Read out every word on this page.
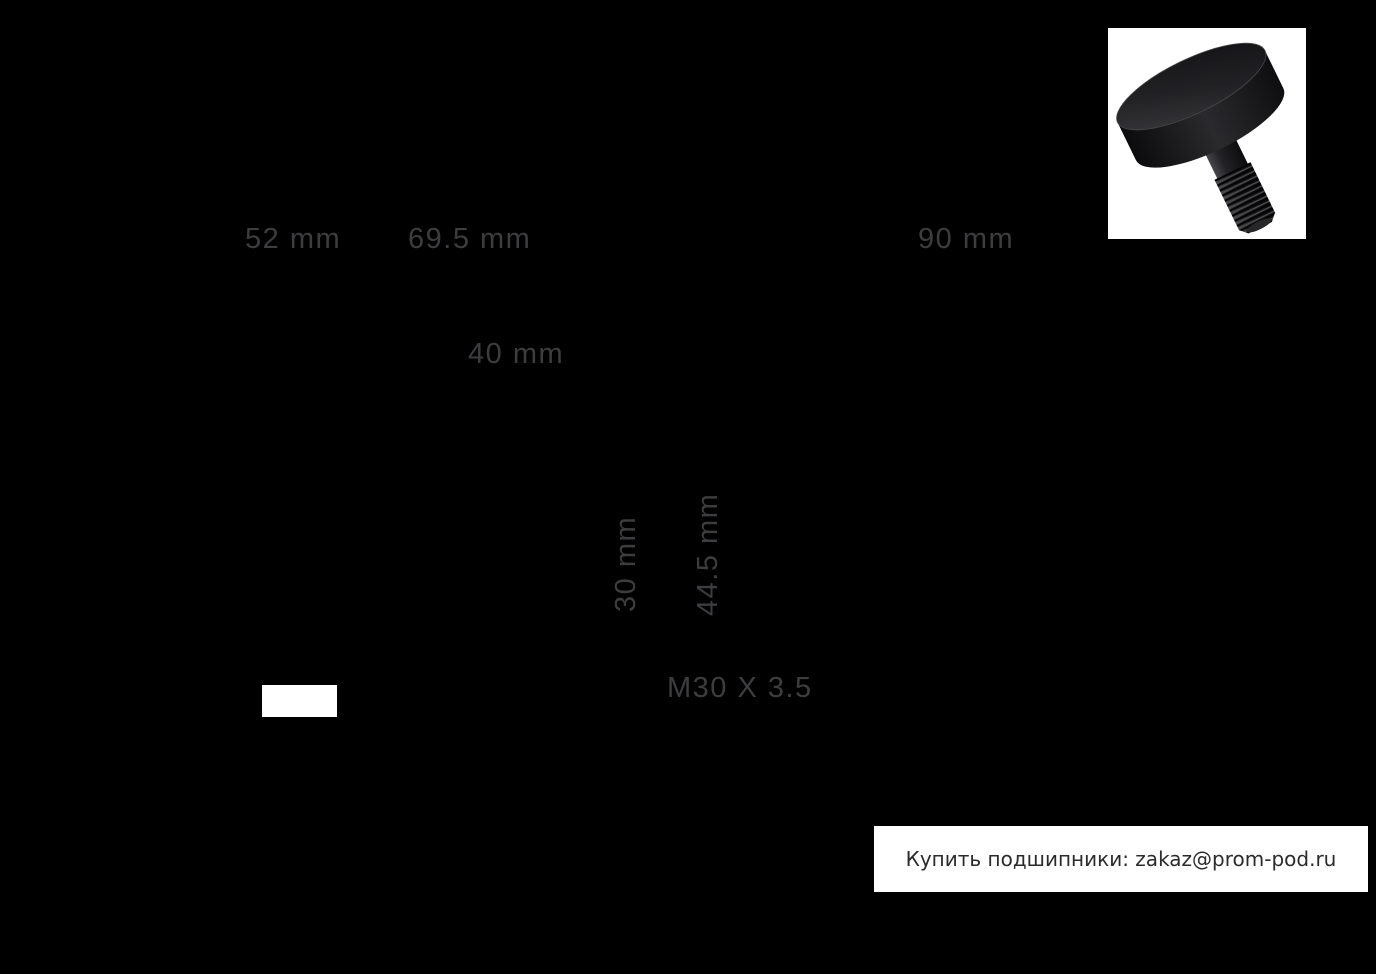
52 mm 69.5 mm	90 mm
40 mm
30 mm 44.5 mm
M30 X 3.5
Купить подшипники: zakaz@prom-pod.ru
